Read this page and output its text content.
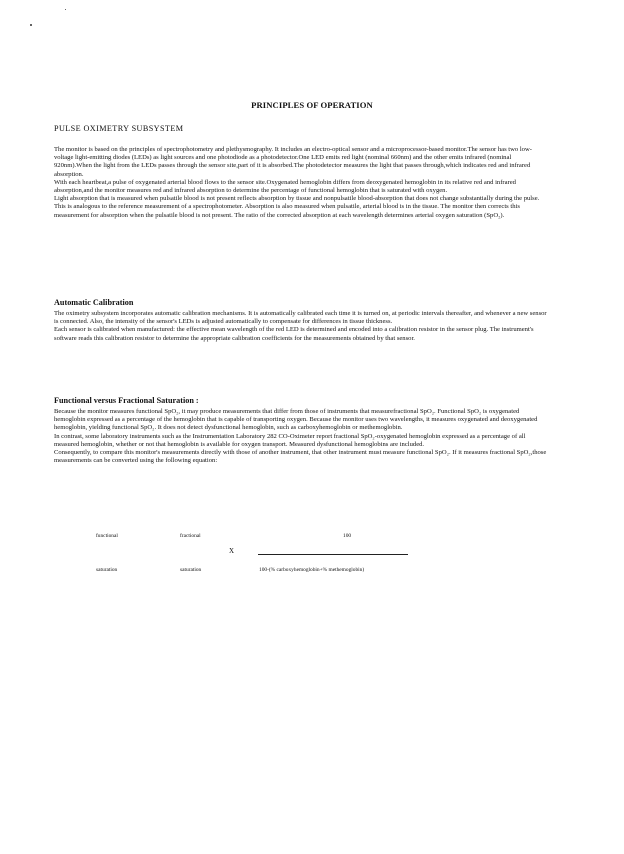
PRINCIPLES OF OPERATION
PULSE OXIMETRY SUBSYSTEM

The monitor is based on the principles of spectrophotometry and plethysmography. It includes an electro-optical sensor and a microprocessor-based monitor.The sensor has two low-voltage light-emitting diodes (LEDs) as light sources and one photodiode as a photodetector.One LED emits red light (nominal 660nm) and the other emits infrared (nominal 920nm).When the light from the LEDs passes through the sensor site,part of it is absorbed.The photodetector measures the light that passes through,which indicates red and infrared absorption.

With each heartbeat,a pulse of oxygenated arterial blood flows to the sensor site.Oxygenated hemoglobin differs from deoxygenated hemoglobin in its relative red and infrared absorption,and the monitor measures red and infrared absorption to determine the percentage of functional hemoglobin that is saturated with oxygen.

Light absorption that is measured when pulsatile blood is not present reflects absorption by tissue and nonpulsatile blood-absorption that does not change substantially during the pulse. This is analogous to the reference measurement of a spectrophotometer. Absorption is also measured when pulsatile, arterial blood is in the tissue. The monitor then corrects this measurement for absorption when the pulsatile blood is not present. The ratio of the corrected absorption at each wavelength determines arterial oxygen saturation (SpO₂).

Automatic Calibration

The oximetry subsystem incorporates automatic calibration mechanisms. It is automatically calibrated each time it is turned on, at periodic intervals thereafter, and whenever a new sensor is connected. Also, the intensity of the sensor's LEDs is adjusted automatically to compensate for differences in tissue thickness.

Each sensor is calibrated when manufactured: the effective mean wavelength of the red LED is determined and encoded into a calibration resistor in the sensor plug. The instrument's software reads this calibration resistor to determine the appropriate calibration coefficients for the measurements obtained by that sensor.

Functional versus Fractional Saturation :

Because the monitor measures functional SpO₂, it may produce measurements that differ from those of instruments that measurefractional SpO₂. Functional SpO₂ is oxygenated hemoglobin expressed as a percentage of the hemoglobin that is capable of transporting oxygen. Because the monitor uses two wavelengths, it measures oxygenated and deoxygenated hemoglobin, yielding functional SpO₂. It does not detect dysfunctional hemoglobin, such as carboxyhemoglobin or methemoglobin.

In contrast, some laboratory instruments such as the Instrumentation Laboratory 282 CO-Oximeter report fractional SpO₂-oxygenated hemoglobin expressed as a percentage of all measured hemoglobin, whether or not that hemoglobin is available for oxygen transport. Measured dysfunctional hemoglobins are included.

Consequently, to compare this monitor's measurements directly with those of another instrument, that other instrument must measure functional SpO₂. If it measures fractional SpO₂,those measurements can be converted using the following equation:

functional	fractional	100
X
saturation	saturation	100-(% carboxyhemoglobin+% methemoglobin)
